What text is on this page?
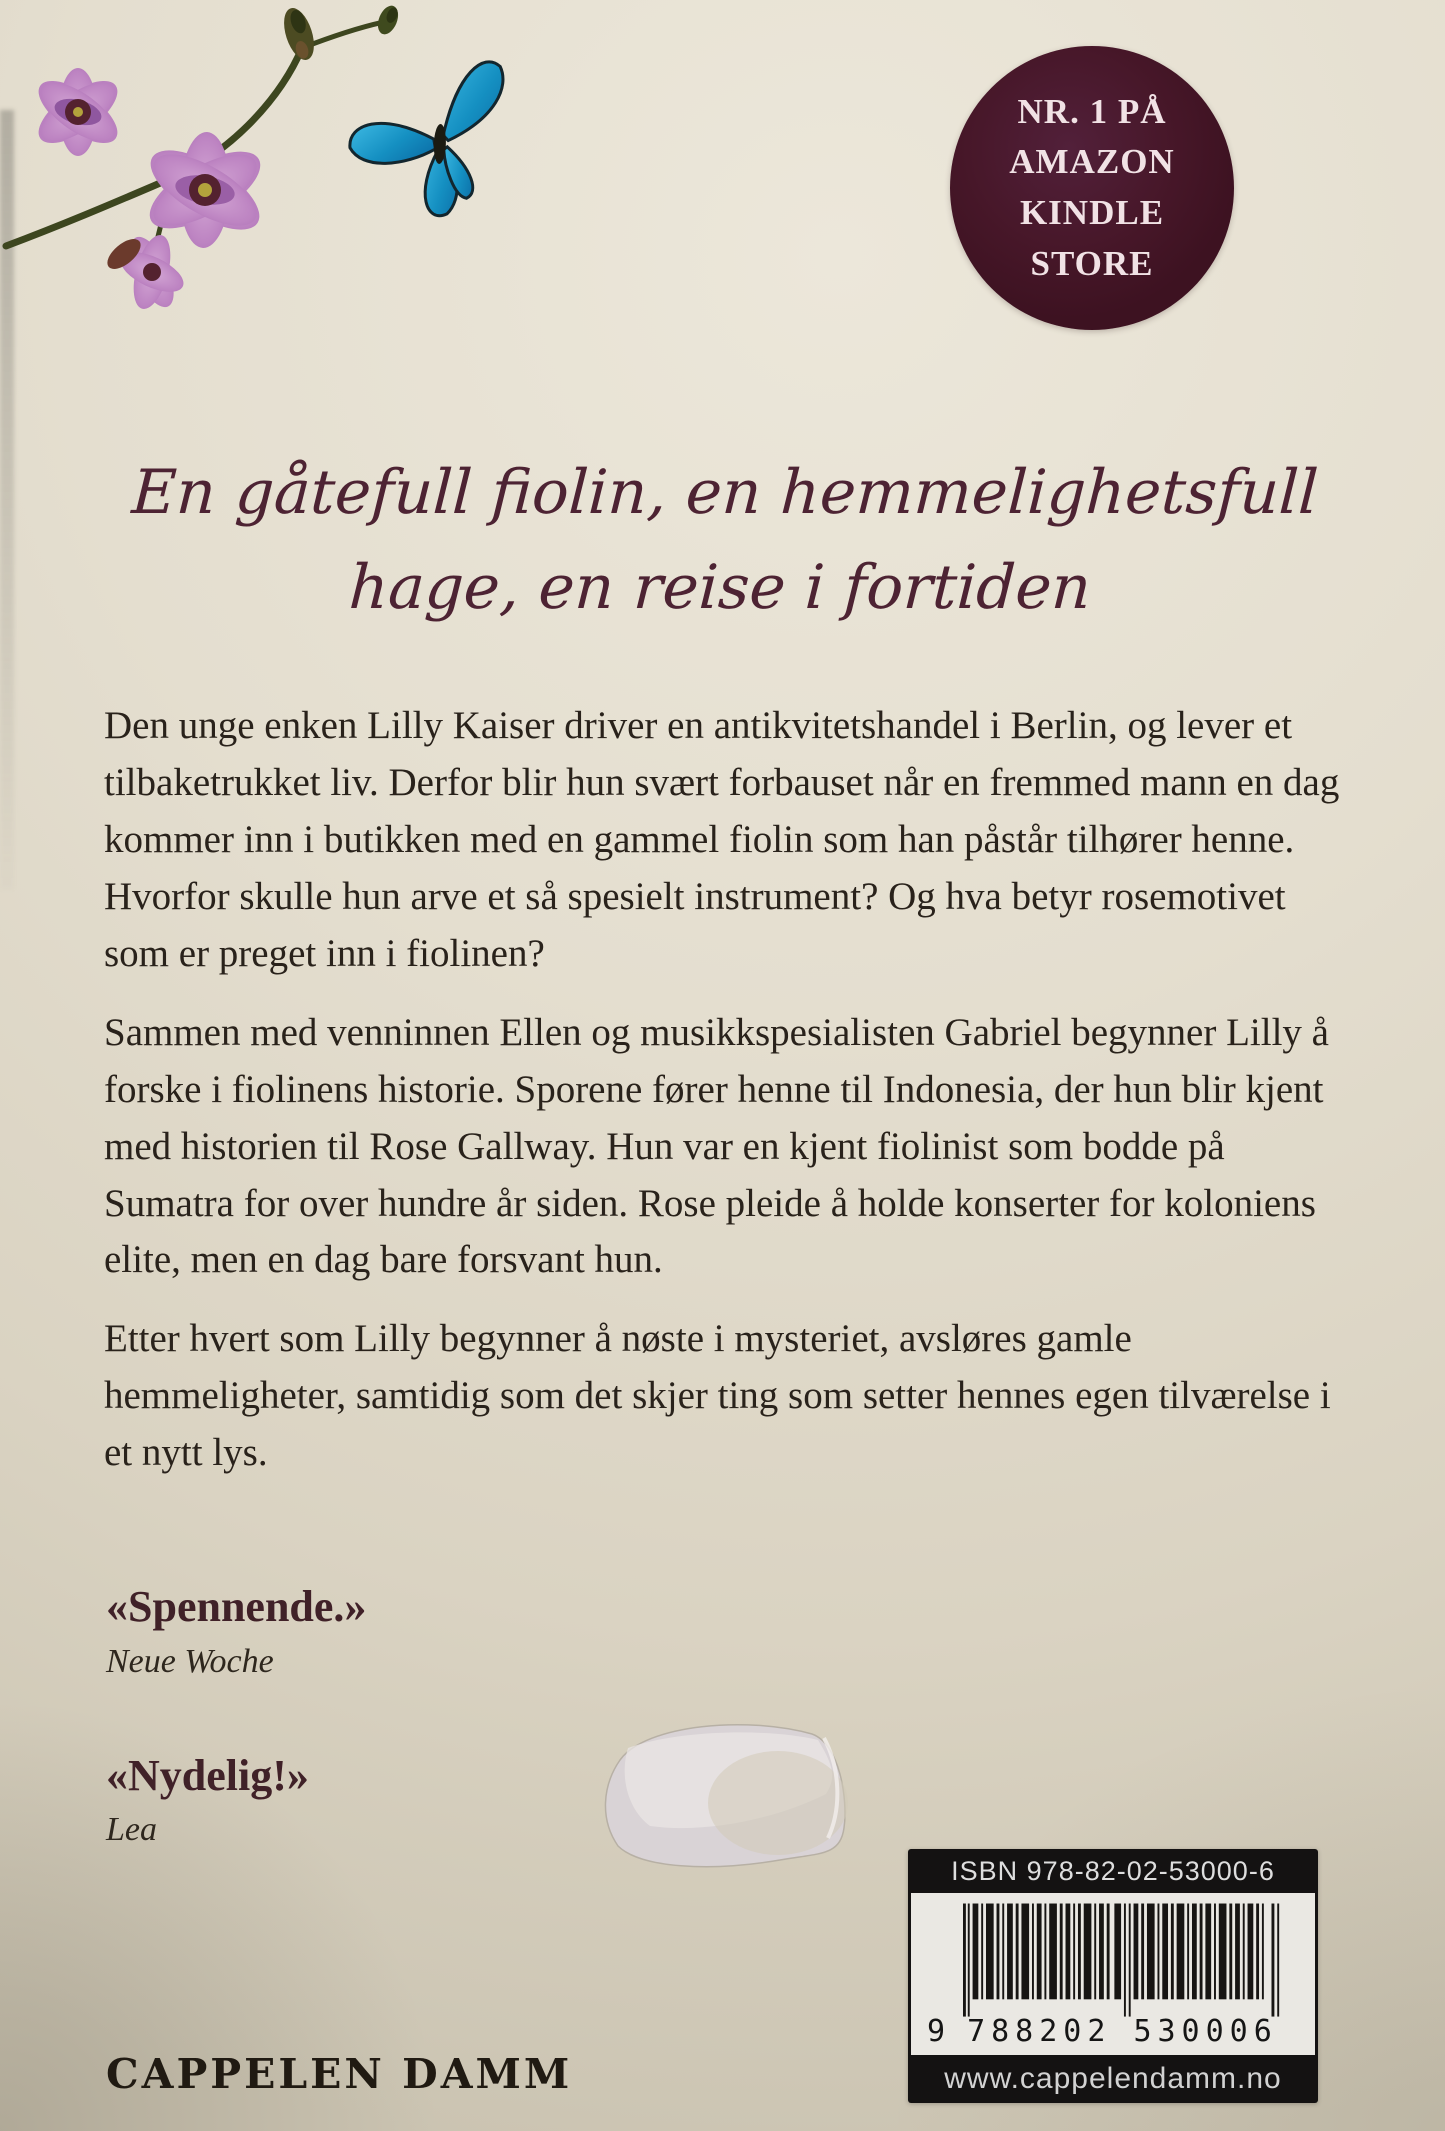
NR. 1 PÅ
AMAZON
KINDLE
STORE
En gåtefull fiolin, en hemmelighetsfull
hage, en reise i fortiden

Den unge enken Lilly Kaiser driver en antikvitetshandel i Berlin, og lever et tilbaketrukket liv. Derfor blir hun svært forbauset når en fremmed mann en dag kommer inn i butikken med en gammel fiolin som han påstår tilhører henne. Hvorfor skulle hun arve et så spesielt instrument? Og hva betyr rosemotivet som er preget inn i fiolinen?

Sammen med venninnen Ellen og musikkspesialisten Gabriel begynner Lilly å forske i fiolinens historie. Sporene fører henne til Indonesia, der hun blir kjent med historien til Rose Gallway. Hun var en kjent fiolinist som bodde på Sumatra for over hundre år siden. Rose pleide å holde konserter for koloniens elite, men en dag bare forsvant hun.

Etter hvert som Lilly begynner å nøste i mysteriet, avsløres gamle hemmeligheter, samtidig som det skjer ting som setter hennes egen tilværelse i et nytt lys.

«Spennende.»
Neue Woche
«Nydelig!»
Lea
ISBN 978-82-02-53000-6
9 788202 530006
www.cappelendamm.no
CAPPELEN DAMM
